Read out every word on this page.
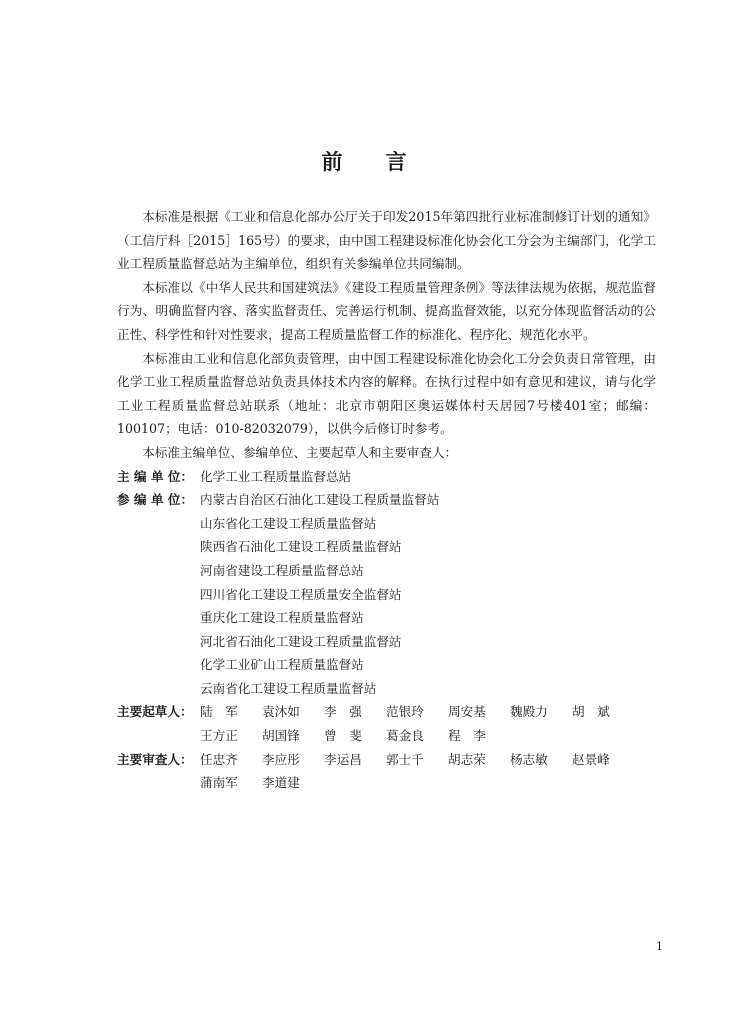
前 言

本标准是根据《工业和信息化部办公厅关于印发2015年第四批行业标准制修订计划的通知》（工信厅科［2015］165号）的要求，由中国工程建设标准化协会化工分会为主编部门，化学工业工程质量监督总站为主编单位，组织有关参编单位共同编制。

本标准以《中华人民共和国建筑法》《建设工程质量管理条例》等法律法规为依据，规范监督行为、明确监督内容、落实监督责任、完善运行机制、提高监督效能，以充分体现监督活动的公正性、科学性和针对性要求，提高工程质量监督工作的标准化、程序化、规范化水平。

本标准由工业和信息化部负责管理，由中国工程建设标准化协会化工分会负责日常管理，由化学工业工程质量监督总站负责具体技术内容的解释。在执行过程中如有意见和建议，请与化学工业工程质量监督总站联系（地址：北京市朝阳区奥运媒体村天居园7号楼401室；邮编：100107；电话：010-82032079），以供今后修订时参考。

本标准主编单位、参编单位、主要起草人和主要审查人：

主 编 单 位： 化学工业工程质量监督总站
参 编 单 位： 内蒙古自治区石油化工建设工程质量监督站
山东省化工建设工程质量监督站
陕西省石油化工建设工程质量监督站
河南省建设工程质量监督总站
四川省化工建设工程质量安全监督站
重庆化工建设工程质量监督站
河北省石油化工建设工程质量监督站
化学工业矿山工程质量监督站
云南省化工建设工程质量监督站
主要起草人： 陆　军	袁沐如	李　强	范银玲	周安基	魏殿力	胡　斌
王方正	胡国锋	曾　斐	葛金良	程　李
主要审查人： 任忠齐	李应彤	李运昌	郭士千	胡志荣	杨志敏	赵景峰
蒲南军	李道建
1
